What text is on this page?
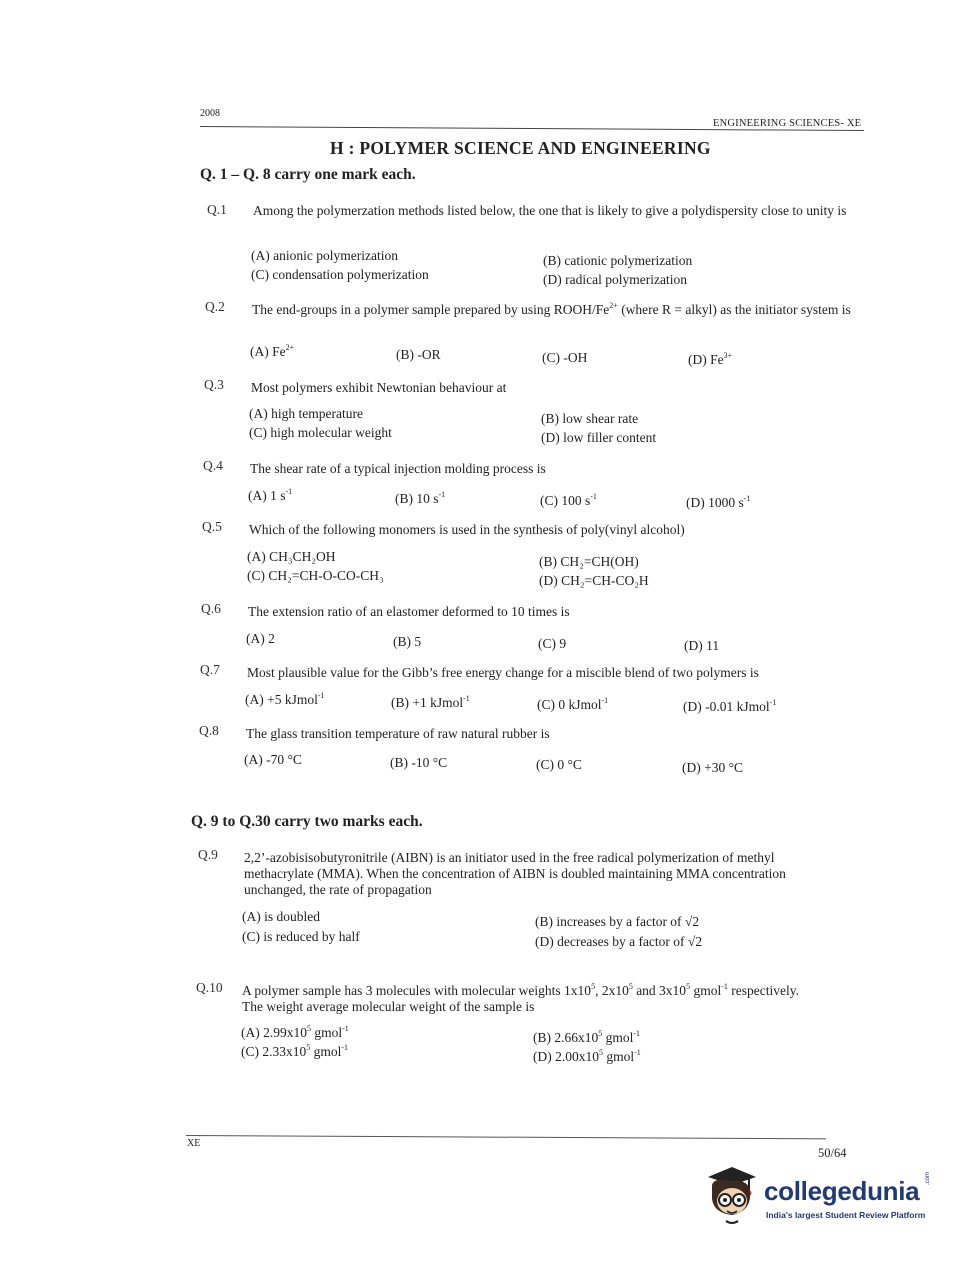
2008
ENGINEERING SCIENCES- XE
H : POLYMER SCIENCE AND ENGINEERING
Q. 1 – Q. 8 carry one mark each.
Q.1 Among the polymerzation methods listed below, the one that is likely to give a polydispersity close to unity is
(A) anionic polymerization	(B) cationic polymerization
(C) condensation polymerization	(D) radical polymerization
Q.2 The end-groups in a polymer sample prepared by using ROOH/$Fe^{2+}$ (where R = alkyl) as the initiator system is
(A) $Fe^{2+}$	(B) -OR	(C) -OH	(D) $Fe^{3+}$
Q.3 Most polymers exhibit Newtonian behaviour at
(A) high temperature	(B) low shear rate
(C) high molecular weight	(D) low filler content
Q.4 The shear rate of a typical injection molding process is
(A) 1 $s^{-1}$	(B) 10 $s^{-1}$	(C) 100 $s^{-1}$	(D) 1000 $s^{-1}$
Q.5 Which of the following monomers is used in the synthesis of poly(vinyl alcohol)
(A) CH₃CH₂OH	(B) CH₂=CH(OH)
(C) CH₂=CH-O-CO-CH₃	(D) CH₂=CH-CO₂H
Q.6 The extension ratio of an elastomer deformed to 10 times is
(A) 2	(B) 5	(C) 9	(D) 11
Q.7 Most plausible value for the Gibb’s free energy change for a miscible blend of two polymers is
(A) +5 kJmol$^{-1}$	(B) +1 kJmol$^{-1}$	(C) 0 kJmol$^{-1}$	(D) -0.01 kJmol$^{-1}$
Q.8 The glass transition temperature of raw natural rubber is
(A) -70 °C	(B) -10 °C	(C) 0 °C	(D) +30 °C
Q. 9 to Q.30 carry two marks each.
Q.9 2,2’-azobisisobutyronitrile (AIBN) is an initiator used in the free radical polymerization of methyl methacrylate (MMA). When the concentration of AIBN is doubled maintaining MMA concentration unchanged, the rate of propagation
(A) is doubled	(B) increases by a factor of √2
(C) is reduced by half	(D) decreases by a factor of √2
Q.10 A polymer sample has 3 molecules with molecular weights $1x10^5$, $2x10^5$ and $3x10^5$ gmol$^{-1}$ respectively. The weight average molecular weight of the sample is
(A) $2.99x10^5$ gmol$^{-1}$
(B) $2.66x10^5$ gmol$^{-1}$
(C) $2.33x10^5$ gmol$^{-1}$
(D) $2.00x10^5$ gmol$^{-1}$
XE
50/64
collegedunia .com
India's largest Student Review Platform
